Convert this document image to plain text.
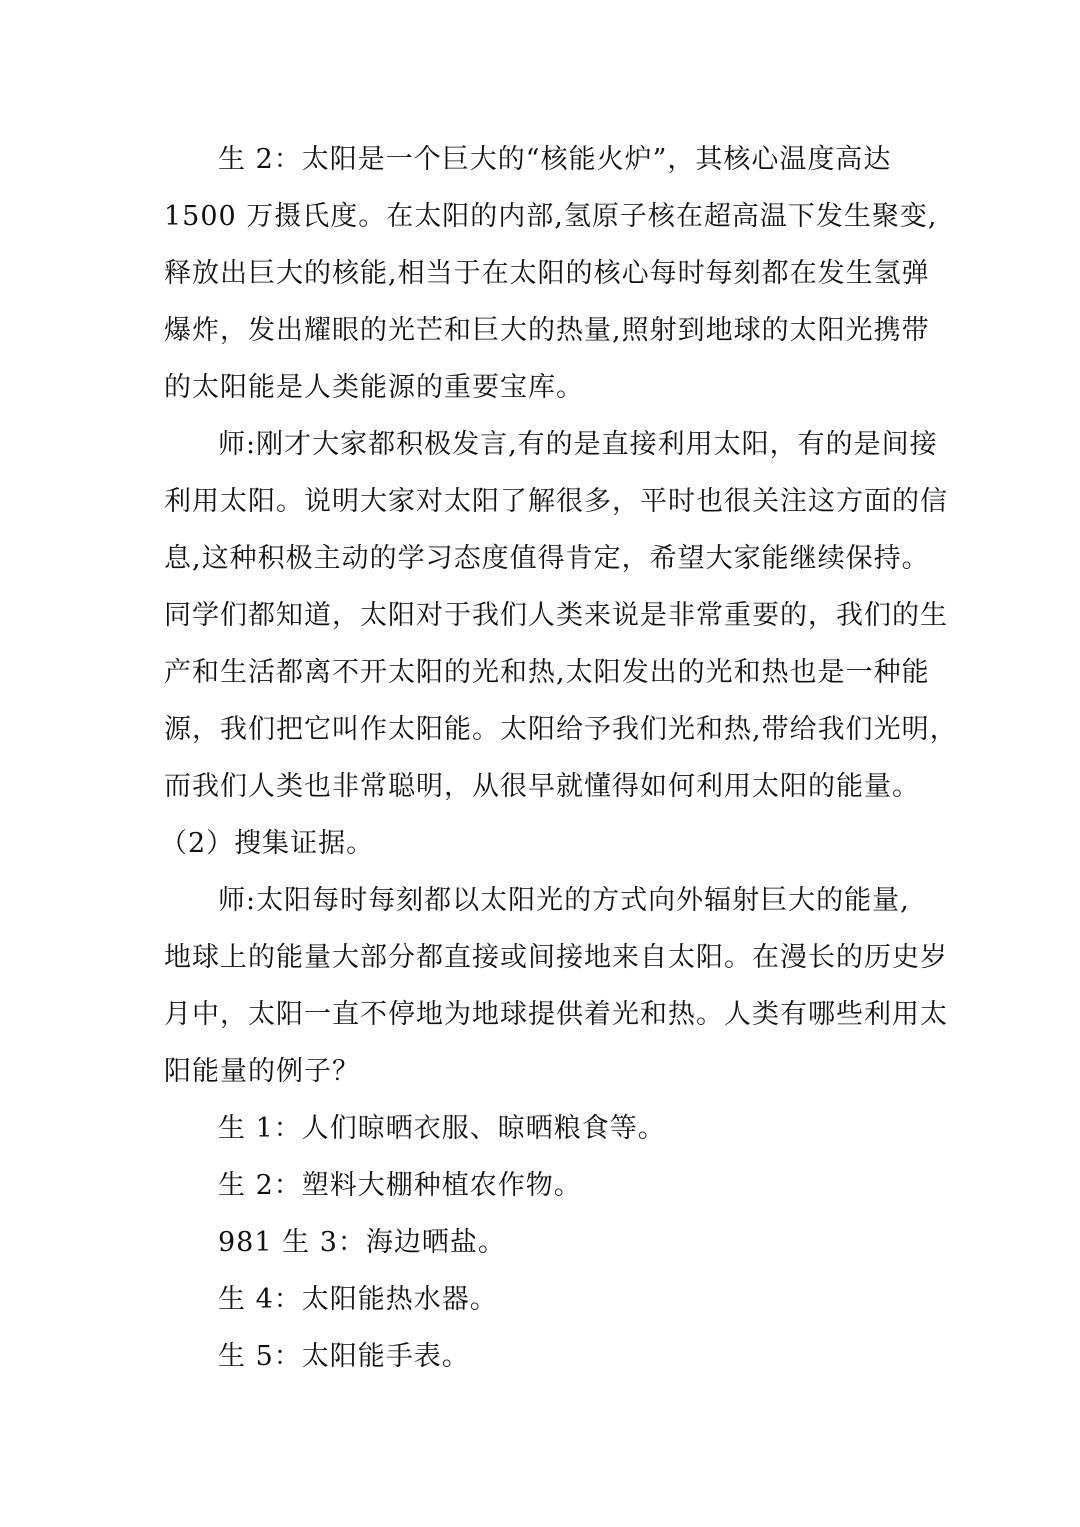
生 2：太阳是一个巨大的“核能火炉”，其核心温度高达
1500 万摄氏度。在太阳的内部,氢原子核在超高温下发生聚变,
释放出巨大的核能,相当于在太阳的核心每时每刻都在发生氢弹
爆炸，发出耀眼的光芒和巨大的热量,照射到地球的太阳光携带
的太阳能是人类能源的重要宝库。
师:刚才大家都积极发言,有的是直接利用太阳，有的是间接
利用太阳。说明大家对太阳了解很多，平时也很关注这方面的信
息,这种积极主动的学习态度值得肯定，希望大家能继续保持。
同学们都知道，太阳对于我们人类来说是非常重要的，我们的生
产和生活都离不开太阳的光和热,太阳发出的光和热也是一种能
源，我们把它叫作太阳能。太阳给予我们光和热,带给我们光明，
而我们人类也非常聪明，从很早就懂得如何利用太阳的能量。
（2）搜集证据。
师:太阳每时每刻都以太阳光的方式向外辐射巨大的能量,
地球上的能量大部分都直接或间接地来自太阳。在漫长的历史岁
月中，太阳一直不停地为地球提供着光和热。人类有哪些利用太
阳能量的例子？
生 1：人们晾晒衣服、晾晒粮食等。
生 2：塑料大棚种植农作物。
981 生 3：海边晒盐。
生 4：太阳能热水器。
生 5：太阳能手表。
